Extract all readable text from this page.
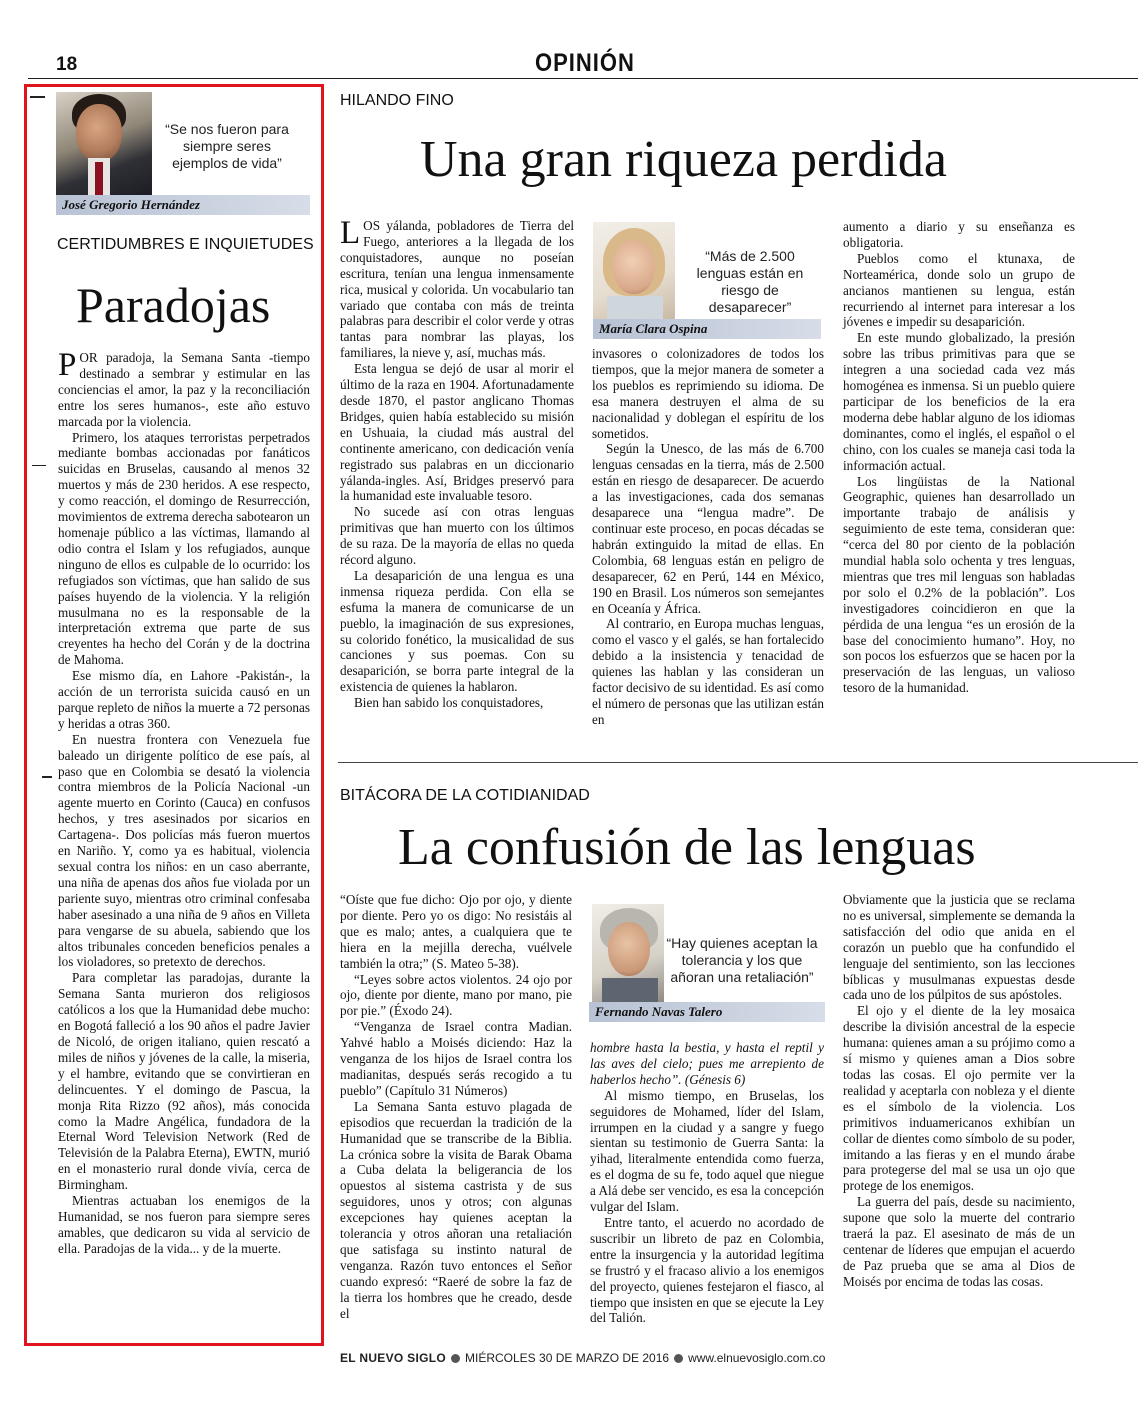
18	OPINIÓN
“Se nos fueron para siempre seres ejemplos de vida”
José Gregorio Hernández
CERTIDUMBRES E INQUIETUDES
Paradojas

POR paradoja, la Semana Santa -tiempo destinado a sembrar y estimular en las conciencias el amor, la paz y la reconciliación entre los seres humanos-, este año estuvo marcada por la violencia.

Primero, los ataques terroristas perpetrados mediante bombas accionadas por fanáticos suicidas en Bruselas, causando al menos 32 muertos y más de 230 heridos. A ese respecto, y como reacción, el domingo de Resurrección, movimientos de extrema derecha sabotearon un homenaje público a las víctimas, llamando al odio contra el Islam y los refugiados, aunque ninguno de ellos es culpable de lo ocurrido: los refugiados son víctimas, que han salido de sus países huyendo de la violencia. Y la religión musulmana no es la responsable de la interpretación extrema que parte de sus creyentes ha hecho del Corán y de la doctrina de Mahoma.

Ese mismo día, en Lahore -Pakistán-, la acción de un terrorista suicida causó en un parque repleto de niños la muerte a 72 personas y heridas a otras 360.

En nuestra frontera con Venezuela fue baleado un dirigente político de ese país, al paso que en Colombia se desató la violencia contra miembros de la Policía Nacional -un agente muerto en Corinto (Cauca) en confusos hechos, y tres asesinados por sicarios en Cartagena-. Dos policías más fueron muertos en Nariño. Y, como ya es habitual, violencia sexual contra los niños: en un caso aberrante, una niña de apenas dos años fue violada por un pariente suyo, mientras otro criminal confesaba haber asesinado a una niña de 9 años en Villeta para vengarse de su abuela, sabiendo que los altos tribunales conceden beneficios penales a los violadores, so pretexto de derechos.

Para completar las paradojas, durante la Semana Santa murieron dos religiosos católicos a los que la Humanidad debe mucho: en Bogotá falleció a los 90 años el padre Javier de Nicoló, de origen italiano, quien rescató a miles de niños y jóvenes de la calle, la miseria, y el hambre, evitando que se convirtieran en delincuentes. Y el domingo de Pascua, la monja Rita Rizzo (92 años), más conocida como la Madre Angélica, fundadora de la Eternal Word Television Network (Red de Televisión de la Palabra Eterna), EWTN, murió en el monasterio rural donde vivía, cerca de Birmingham.

Mientras actuaban los enemigos de la Humanidad, se nos fueron para siempre seres amables, que dedicaron su vida al servicio de ella. Paradojas de la vida... y de la muerte.

HILANDO FINO
Una gran riqueza perdida

LOS yálanda, pobladores de Tierra del Fuego, anteriores a la llegada de los conquistadores, aunque no poseían escritura, tenían una lengua inmensamente rica, musical y colorida. Un vocabulario tan variado que contaba con más de treinta palabras para describir el color verde y otras tantas para nombrar las playas, los familiares, la nieve y, así, muchas más.

Esta lengua se dejó de usar al morir el último de la raza en 1904. Afortunadamente desde 1870, el pastor anglicano Thomas Bridges, quien había establecido su misión en Ushuaia, la ciudad más austral del continente americano, con dedicación venía registrado sus palabras en un diccionario yálanda-ingles. Así, Bridges preservó para la humanidad este invaluable tesoro.

No sucede así con otras lenguas primitivas que han muerto con los últimos de su raza. De la mayoría de ellas no queda récord alguno.

La desaparición de una lengua es una inmensa riqueza perdida. Con ella se esfuma la manera de comunicarse de un pueblo, la imaginación de sus expresiones, su colorido fonético, la musicalidad de sus canciones y sus poemas. Con su desaparición, se borra parte integral de la existencia de quienes la hablaron.

Bien han sabido los conquistadores,

“Más de 2.500 lenguas están en riesgo de desaparecer”
María Clara Ospina

invasores o colonizadores de todos los tiempos, que la mejor manera de someter a los pueblos es reprimiendo su idioma. De esa manera destruyen el alma de su nacionalidad y doblegan el espíritu de los sometidos.

Según la Unesco, de las más de 6.700 lenguas censadas en la tierra, más de 2.500 están en riesgo de desaparecer. De acuerdo a las investigaciones, cada dos semanas desaparece una “lengua madre”. De continuar este proceso, en pocas décadas se habrán extinguido la mitad de ellas. En Colombia, 68 lenguas están en peligro de desaparecer, 62 en Perú, 144 en México, 190 en Brasil. Los números son semejantes en Oceanía y África.

Al contrario, en Europa muchas lenguas, como el vasco y el galés, se han fortalecido debido a la insistencia y tenacidad de quienes las hablan y las consideran un factor decisivo de su identidad. Es así como el número de personas que las utilizan están en

aumento a diario y su enseñanza es obligatoria.

Pueblos como el ktunaxa, de Norteamérica, donde solo un grupo de ancianos mantienen su lengua, están recurriendo al internet para interesar a los jóvenes e impedir su desaparición.

En este mundo globalizado, la presión sobre las tribus primitivas para que se integren a una sociedad cada vez más homogénea es inmensa. Si un pueblo quiere participar de los beneficios de la era moderna debe hablar alguno de los idiomas dominantes, como el inglés, el español o el chino, con los cuales se maneja casi toda la información actual.

Los lingüistas de la National Geographic, quienes han desarrollado un importante trabajo de análisis y seguimiento de este tema, consideran que: “cerca del 80 por ciento de la población mundial habla solo ochenta y tres lenguas, mientras que tres mil lenguas son habladas por solo el 0.2% de la población”. Los investigadores coincidieron en que la pérdida de una lengua “es un erosión de la base del conocimiento humano”. Hoy, no son pocos los esfuerzos que se hacen por la preservación de las lenguas, un valioso tesoro de la humanidad.

BITÁCORA DE LA COTIDIANIDAD
La confusión de las lenguas

“Oíste que fue dicho: Ojo por ojo, y diente por diente. Pero yo os digo: No resistáis al que es malo; antes, a cualquiera que te hiera en la mejilla derecha, vuélvele también la otra;” (S. Mateo 5-38).

“Leyes sobre actos violentos. 24 ojo por ojo, diente por diente, mano por mano, pie por pie.” (Éxodo 24).

“Venganza de Israel contra Madian. Yahvé hablo a Moisés diciendo: Haz la venganza de los hijos de Israel contra los madianitas, después serás recogido a tu pueblo” (Capítulo 31 Números)

La Semana Santa estuvo plagada de episodios que recuerdan la tradición de la Humanidad que se transcribe de la Biblia. La crónica sobre la visita de Barak Obama a Cuba delata la beligerancia de los opuestos al sistema castrista y de sus seguidores, unos y otros; con algunas excepciones hay quienes aceptan la tolerancia y otros añoran una retaliación que satisfaga su instinto natural de venganza. Razón tuvo entonces el Señor cuando expresó: “Raeré de sobre la faz de la tierra los hombres que he creado, desde el

“Hay quienes aceptan la tolerancia y los que añoran una retaliación”
Fernando Navas Talero

hombre hasta la bestia, y hasta el reptil y las aves del cielo; pues me arrepiento de haberlos hecho”. (Génesis 6)

Al mismo tiempo, en Bruselas, los seguidores de Mohamed, líder del Islam, irrumpen en la ciudad y a sangre y fuego sientan su testimonio de Guerra Santa: la yihad, literalmente entendida como fuerza, es el dogma de su fe, todo aquel que niegue a Alá debe ser vencido, es esa la concepción vulgar del Islam.

Entre tanto, el acuerdo no acordado de suscribir un libreto de paz en Colombia, entre la insurgencia y la autoridad legítima se frustró y el fracaso alivio a los enemigos del proyecto, quienes festejaron el fiasco, al tiempo que insisten en que se ejecute la Ley del Talión.

Obviamente que la justicia que se reclama no es universal, simplemente se demanda la satisfacción del odio que anida en el corazón un pueblo que ha confundido el lenguaje del sentimiento, son las lecciones bíblicas y musulmanas expuestas desde cada uno de los púlpitos de sus apóstoles.

El ojo y el diente de la ley mosaica describe la división ancestral de la especie humana: quienes aman a su prójimo como a sí mismo y quienes aman a Dios sobre todas las cosas. El ojo permite ver la realidad y aceptarla con nobleza y el diente es el símbolo de la violencia. Los primitivos induamericanos exhibían un collar de dientes como símbolo de su poder, imitando a las fieras y en el mundo árabe para protegerse del mal se usa un ojo que protege de los enemigos.

La guerra del país, desde su nacimiento, supone que solo la muerte del contrario traerá la paz. El asesinato de más de un centenar de líderes que empujan el acuerdo de Paz prueba que se ama al Dios de Moisés por encima de todas las cosas.

EL NUEVO SIGLO MIÉRCOLES 30 DE MARZO DE 2016 www.elnuevosiglo.com.co
